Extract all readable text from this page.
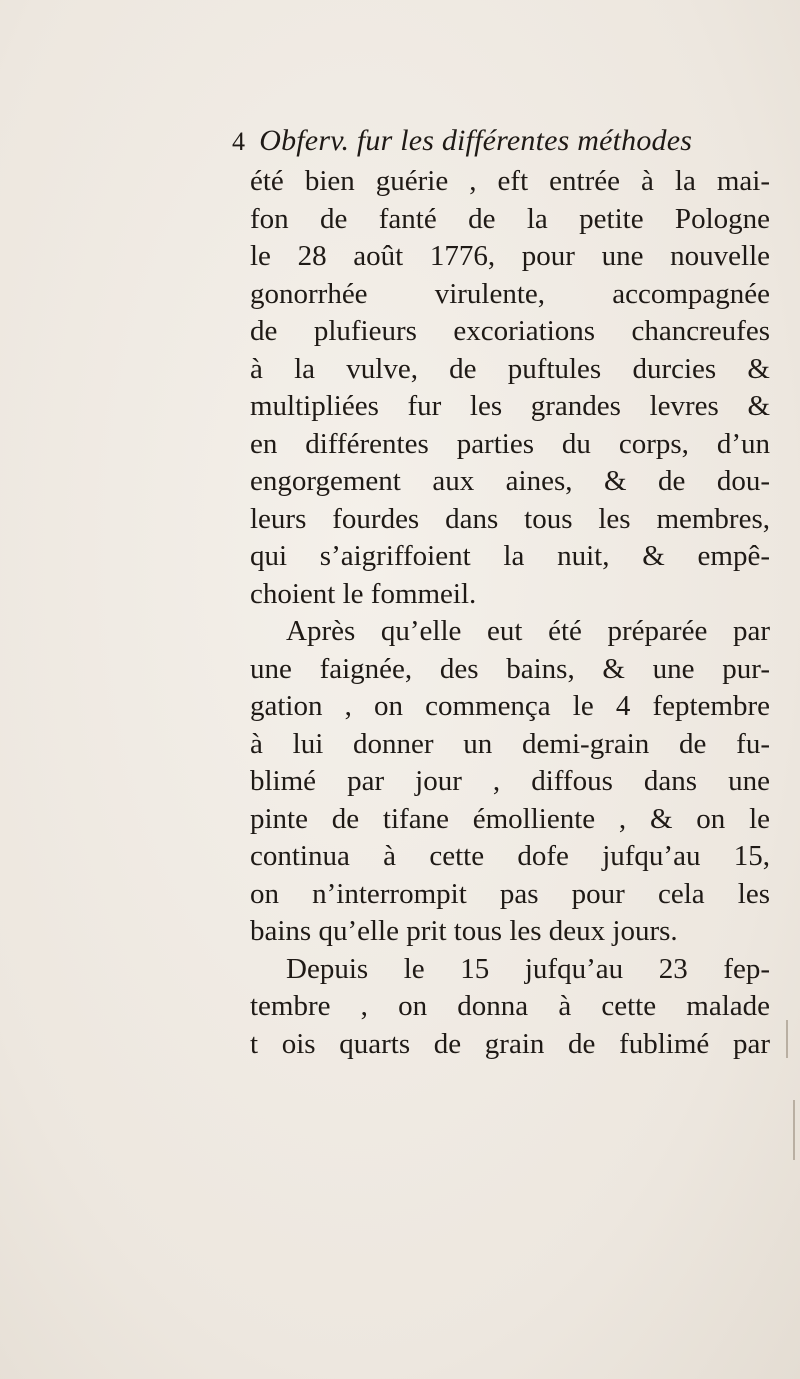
4 Obferv. fur les différentes méthodes
été bien guérie , eft entrée à la mai-
fon de fanté de la petite Pologne
le 28 août 1776, pour une nouvelle
gonorrhée virulente, accompagnée
de plufieurs excoriations chancreufes
à la vulve, de puftules durcies &
multipliées fur les grandes levres &
en différentes parties du corps, d’un
engorgement aux aines, & de dou-
leurs fourdes dans tous les membres,
qui s’aigriffoient la nuit, & empê-
choient le fommeil.
Après qu’elle eut été préparée par
une faignée, des bains, & une pur-
gation , on commença le 4 feptembre
à lui donner un demi-grain de fu-
blimé par jour , diffous dans une
pinte de tifane émolliente , & on le
continua à cette dofe jufqu’au 15,
on n’interrompit pas pour cela les
bains qu’elle prit tous les deux jours.
Depuis le 15 jufqu’au 23 fep-
tembre , on donna à cette malade
t ois quarts de grain de fublimé par
